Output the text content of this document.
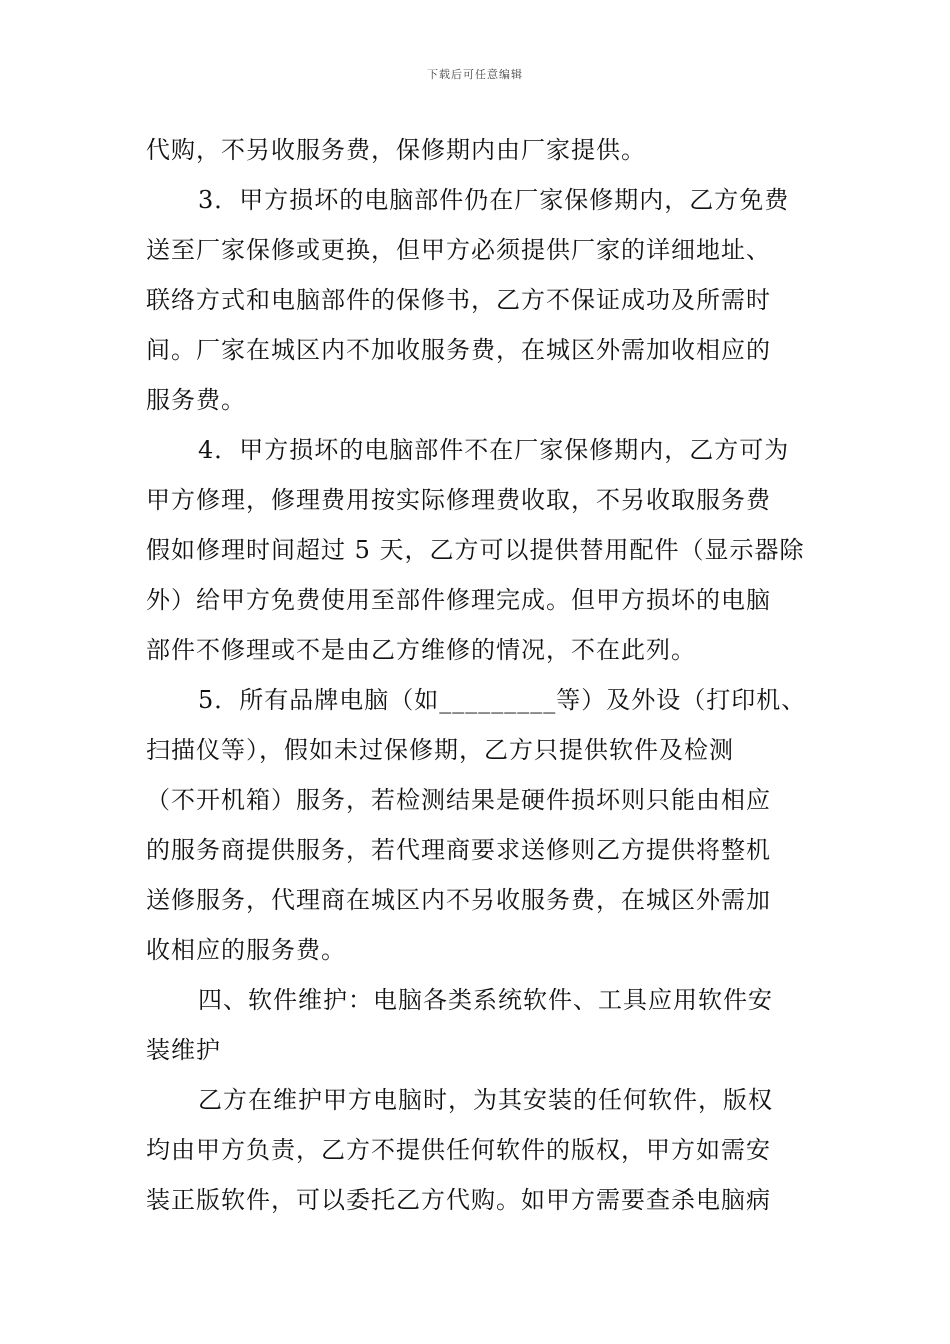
下载后可任意编辑
代购，不另收服务费，保修期内由厂家提供。
3．甲方损坏的电脑部件仍在厂家保修期内，乙方免费
送至厂家保修或更换，但甲方必须提供厂家的详细地址、
联络方式和电脑部件的保修书，乙方不保证成功及所需时
间。厂家在城区内不加收服务费，在城区外需加收相应的
服务费。
4．甲方损坏的电脑部件不在厂家保修期内，乙方可为
甲方修理，修理费用按实际修理费收取，不另收取服务费
假如修理时间超过 5 天，乙方可以提供替用配件（显示器除
外）给甲方免费使用至部件修理完成。但甲方损坏的电脑
部件不修理或不是由乙方维修的情况，不在此列。
5．所有品牌电脑（如_________等）及外设（打印机、
扫描仪等），假如未过保修期，乙方只提供软件及检测
（不开机箱）服务，若检测结果是硬件损坏则只能由相应
的服务商提供服务，若代理商要求送修则乙方提供将整机
送修服务，代理商在城区内不另收服务费，在城区外需加
收相应的服务费。
四、软件维护：电脑各类系统软件、工具应用软件安
装维护
乙方在维护甲方电脑时，为其安装的任何软件，版权
均由甲方负责，乙方不提供任何软件的版权，甲方如需安
装正版软件，可以委托乙方代购。如甲方需要查杀电脑病
